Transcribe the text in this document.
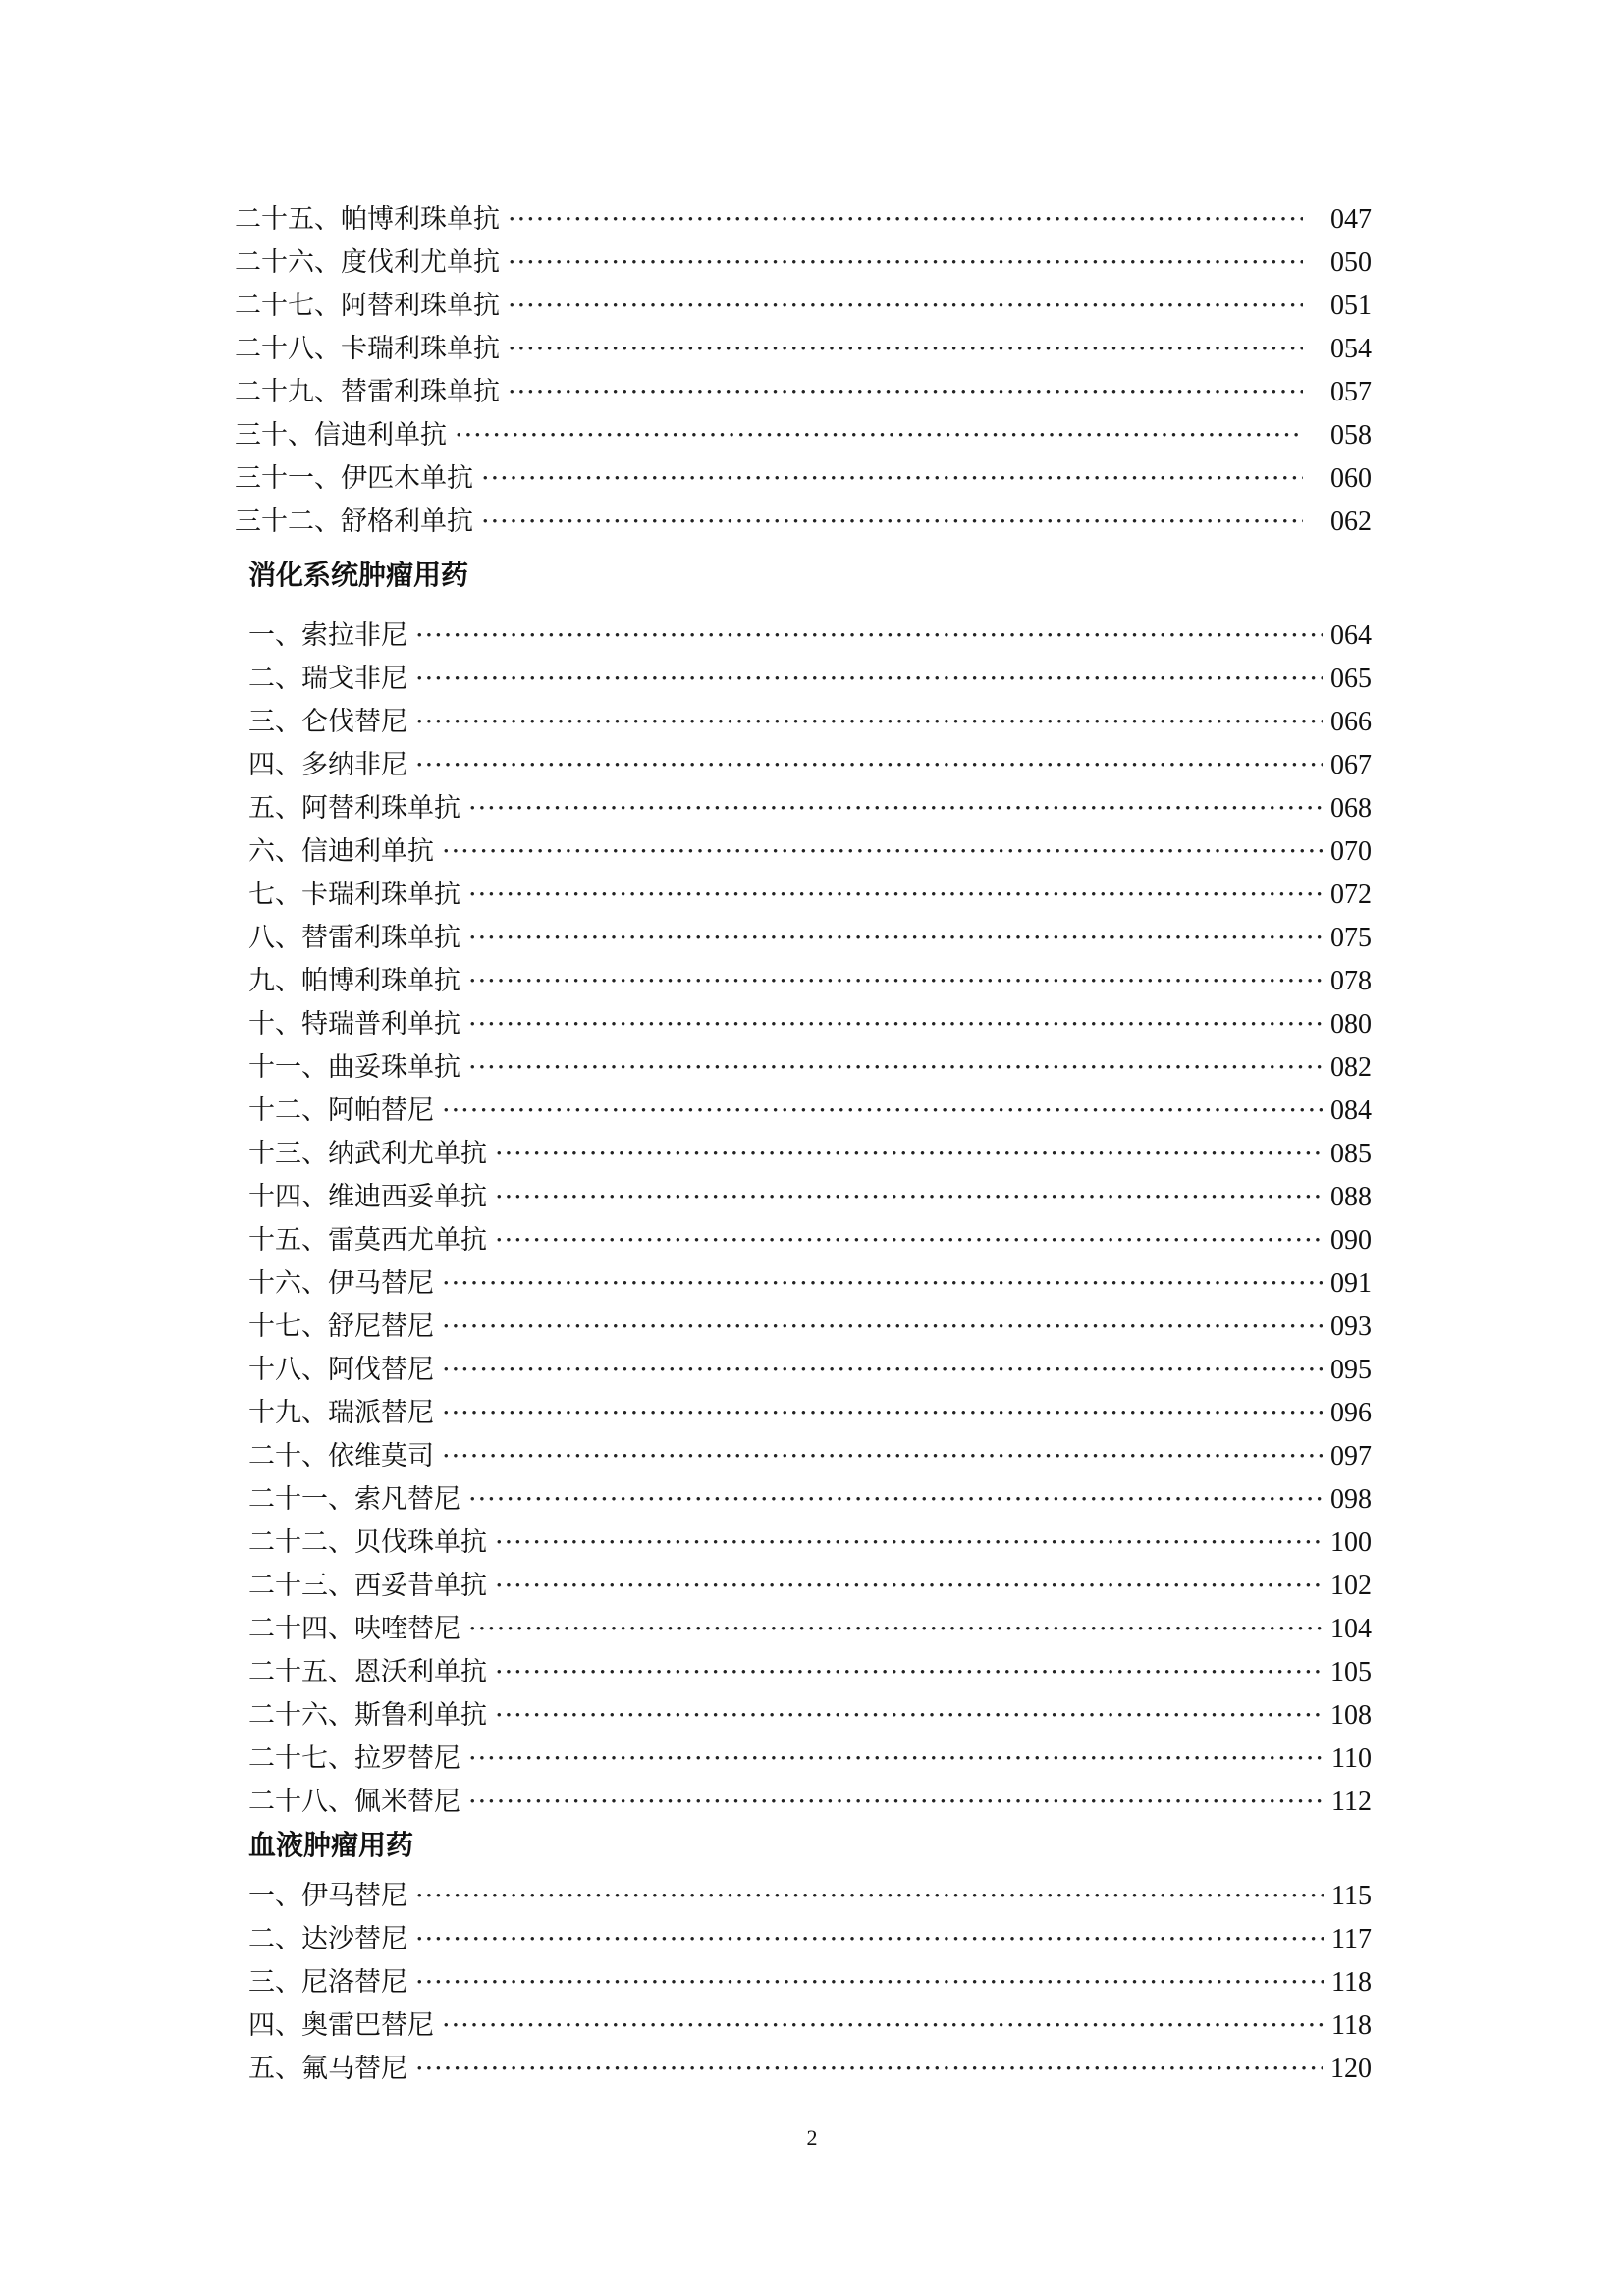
二十五、帕博利珠单抗 ·····	047
二十六、度伐利尤单抗 ·····	050
二十七、阿替利珠单抗 ·····	051
二十八、卡瑞利珠单抗 ·····	054
二十九、替雷利珠单抗 ·····	057
三十、信迪利单抗 ·····	058
三十一、伊匹木单抗 ·····	060
三十二、舒格利单抗 ·····	062
一、索拉非尼 ·····	064
二、瑞戈非尼 ·····	065
三、仑伐替尼 ·····	066
四、多纳非尼 ·····	067
五、阿替利珠单抗 ·····	068
六、信迪利单抗 ·····	070
七、卡瑞利珠单抗 ·····	072
八、替雷利珠单抗 ·····	075
九、帕博利珠单抗 ·····	078
十、特瑞普利单抗 ·····	080
十一、曲妥珠单抗 ·····	082
十二、阿帕替尼 ·····	084
十三、纳武利尤单抗 ·····	085
十四、维迪西妥单抗 ·····	088
十五、雷莫西尤单抗 ·····	090
十六、伊马替尼 ·····	091
十七、舒尼替尼 ·····	093
十八、阿伐替尼 ·····	095
十九、瑞派替尼 ·····	096
二十、依维莫司 ·····	097
二十一、索凡替尼 ·····	098
二十二、贝伐珠单抗 ·····	100
二十三、西妥昔单抗 ·····	102
二十四、呋喹替尼 ·····	104
二十五、恩沃利单抗 ·····	105
二十六、斯鲁利单抗 ·····	108
二十七、拉罗替尼 ·····	110
二十八、佩米替尼 ·····	112
一、伊马替尼 ·····	115
二、达沙替尼 ·····	117
三、尼洛替尼 ·····	118
四、奥雷巴替尼 ·····	118
五、氟马替尼 ·····	120
消化系统肿瘤用药
血液肿瘤用药
2
